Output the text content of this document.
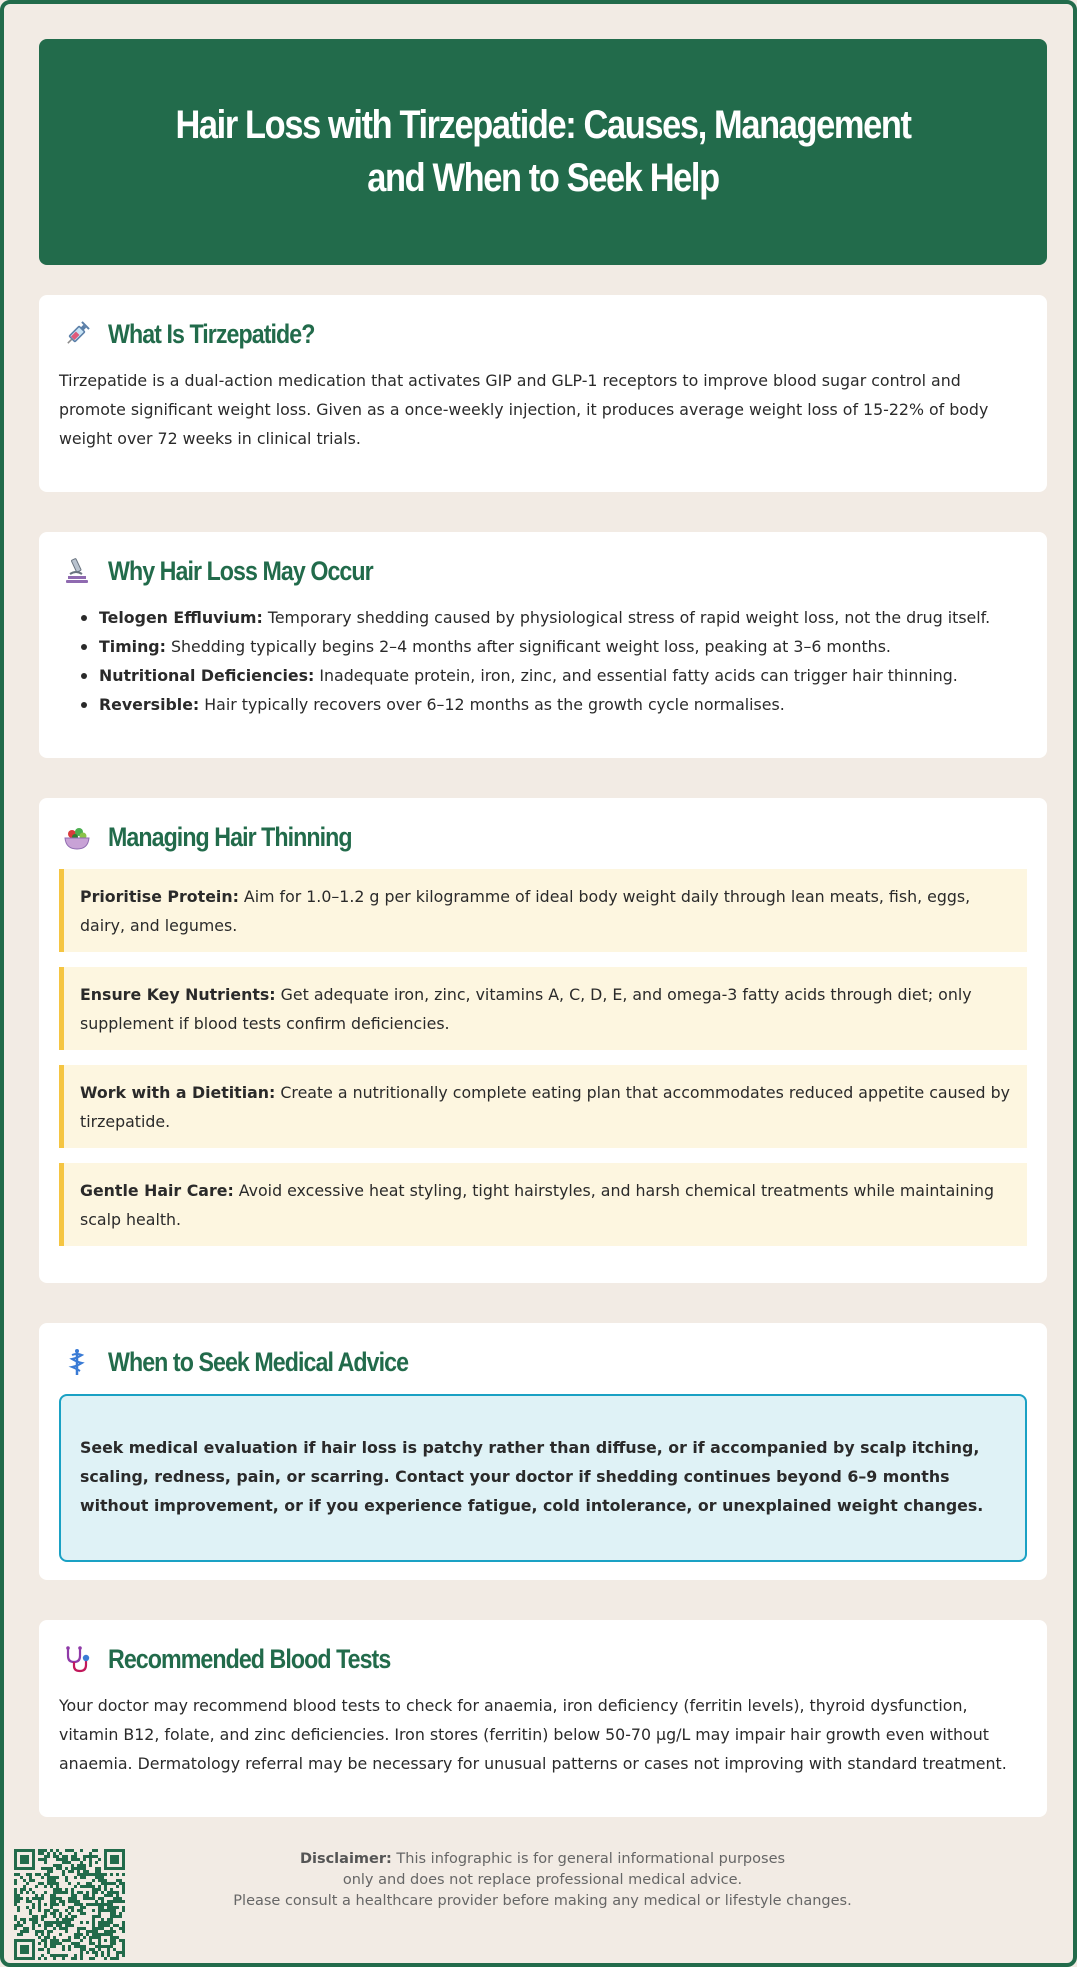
Hair Loss with Tirzepatide: Causes, Management and When to Seek Help
What Is Tirzepatide?

Tirzepatide is a dual-action medication that activates GIP and GLP-1 receptors to improve blood sugar control and promote significant weight loss. Given as a once-weekly injection, it produces average weight loss of 15-22% of body weight over 72 weeks in clinical trials.

Why Hair Loss May Occur
Telogen Effluvium: Temporary shedding caused by physiological stress of rapid weight loss, not the drug itself.
Timing: Shedding typically begins 2–4 months after significant weight loss, peaking at 3–6 months.
Nutritional Deficiencies: Inadequate protein, iron, zinc, and essential fatty acids can trigger hair thinning.
Reversible: Hair typically recovers over 6–12 months as the growth cycle normalises.
Managing Hair Thinning
Prioritise Protein: Aim for 1.0–1.2 g per kilogramme of ideal body weight daily through lean meats, fish, eggs, dairy, and legumes.
Ensure Key Nutrients: Get adequate iron, zinc, vitamins A, C, D, E, and omega-3 fatty acids through diet; only supplement if blood tests confirm deficiencies.
Work with a Dietitian: Create a nutritionally complete eating plan that accommodates reduced appetite caused by tirzepatide.
Gentle Hair Care: Avoid excessive heat styling, tight hairstyles, and harsh chemical treatments while maintaining scalp health.
When to Seek Medical Advice
Seek medical evaluation if hair loss is patchy rather than diffuse, or if accompanied by scalp itching, scaling, redness, pain, or scarring. Contact your doctor if shedding continues beyond 6–9 months without improvement, or if you experience fatigue, cold intolerance, or unexplained weight changes.
Recommended Blood Tests

Your doctor may recommend blood tests to check for anaemia, iron deficiency (ferritin levels), thyroid dysfunction, vitamin B12, folate, and zinc deficiencies. Iron stores (ferritin) below 50-70 μg/L may impair hair growth even without anaemia. Dermatology referral may be necessary for unusual patterns or cases not improving with standard treatment.

Disclaimer: This infographic is for general informational purposes
only and does not replace professional medical advice.
Please consult a healthcare provider before making any medical or lifestyle changes.
